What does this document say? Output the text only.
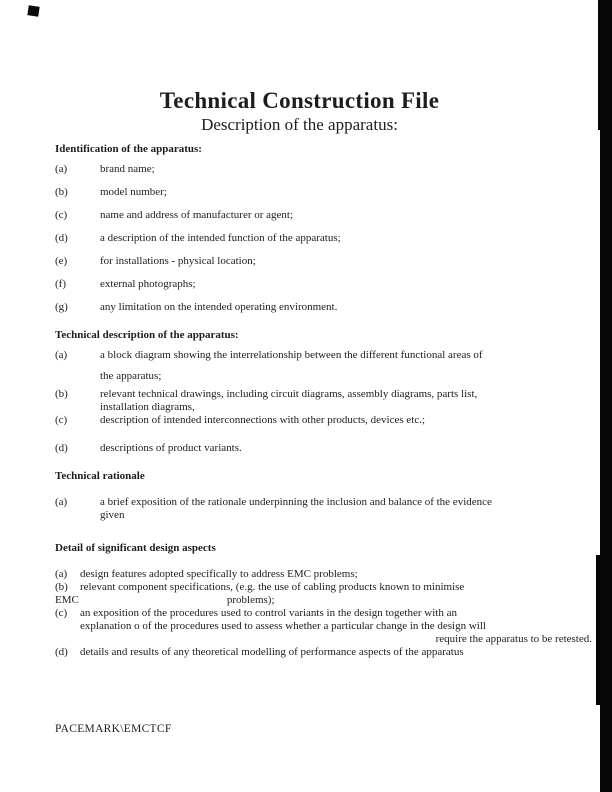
Technical Construction File
Description of the apparatus:
Identification of the apparatus:
(a)	brand name;
(b)	model number;
(c)	name and address of manufacturer or agent;
(d)	a description of the intended function of the apparatus;
(e)	for installations - physical location;
(f)	external photographs;
(g)	any limitation on the intended operating environment.
Technical description of the apparatus:
(a)	a block diagram showing the interrelationship between the different functional areas of
the apparatus;
(b)	relevant technical drawings, including circuit diagrams, assembly diagrams, parts list,
installation diagrams,
(c)	description of intended interconnections with other products, devices etc.;
(d)	descriptions of product variants.
Technical rationale
(a)	a brief exposition of the rationale underpinning the inclusion and balance of the evidence
given
Detail of significant design aspects
(a)	design features adopted specifically to address EMC problems;
(b)	relevant component specifications, (e.g. the use of cabling products known to minimise
EMC	problems);
(c)	an exposition of the procedures used to control variants in the design together with an
explanation o of the procedures used to assess whether a particular change in the design will
require the apparatus to be retested.
(d)	details and results of any theoretical modelling of performance aspects of the apparatus
PACEMARK\EMCTCF
